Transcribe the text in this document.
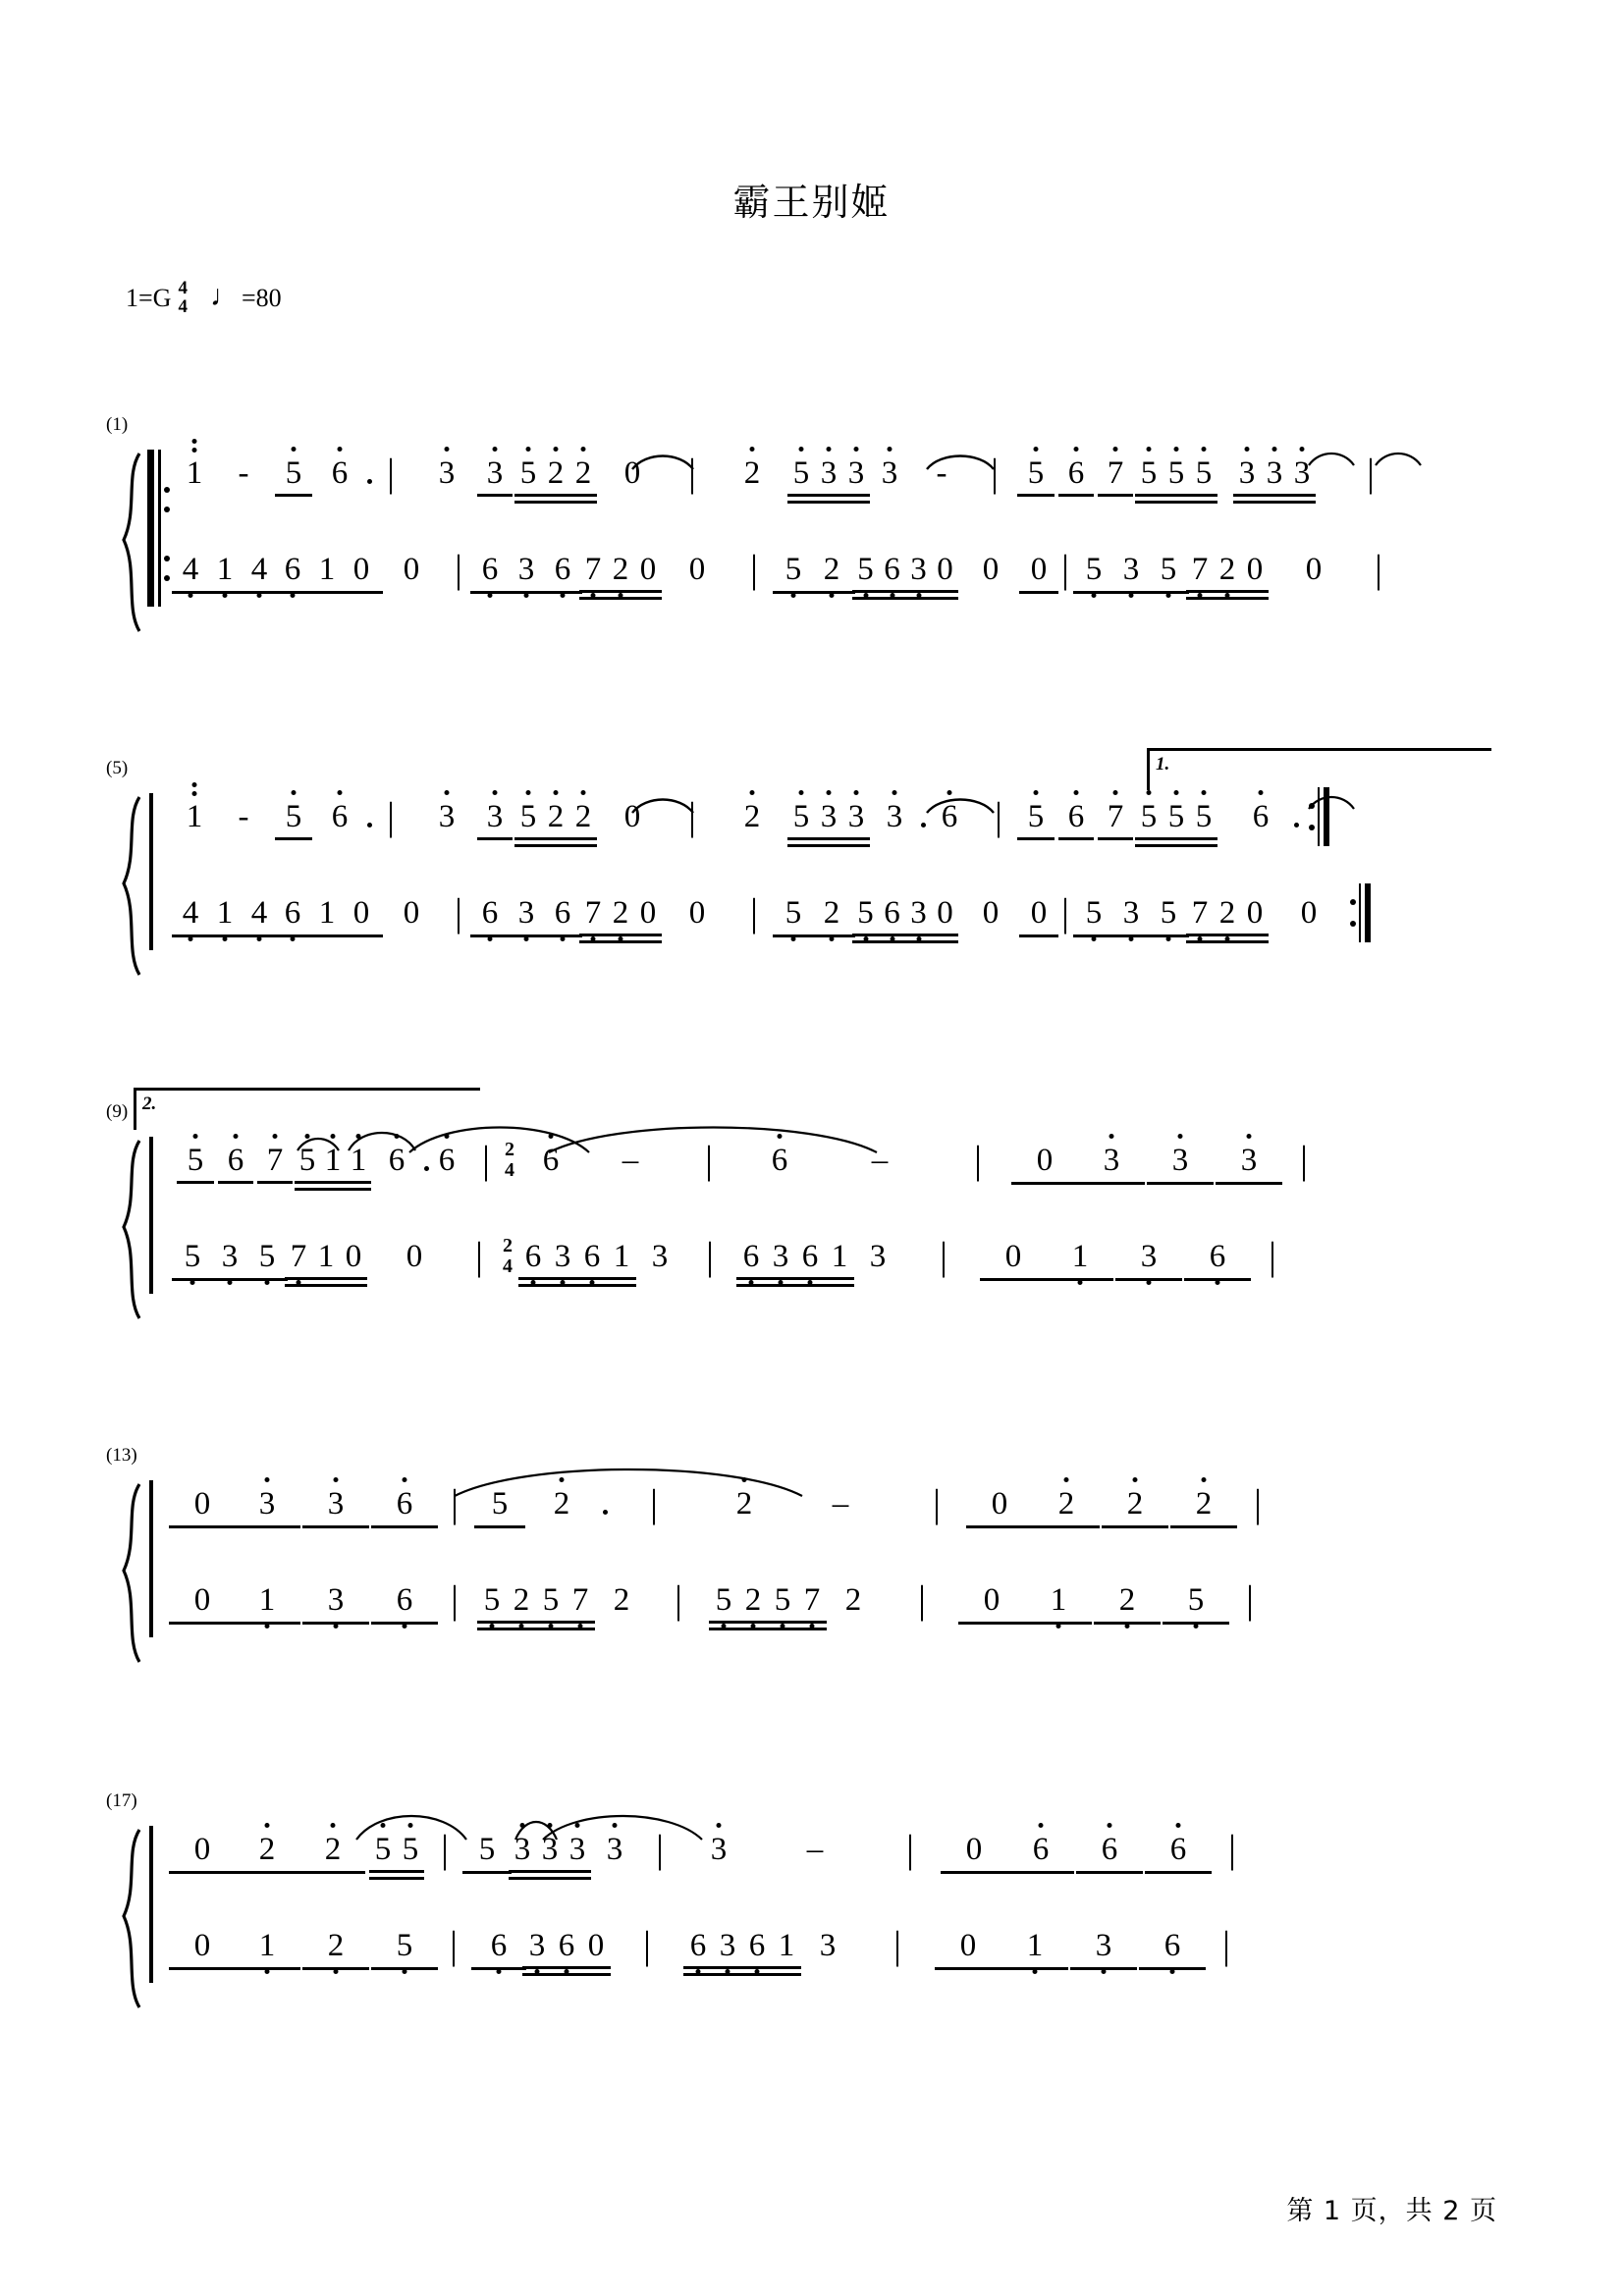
霸王别姬
1=G 4
4 ♩ =80
(1)
1	-	5 6 |	3 3 5 2 2	0	|	2	5 3 3 3	-	| 5 6 7 5 5 5 3 3 3	|
4 1 4 6 1 0	0 | 6 3 6 7 2 0	0	| 5 2 5 6 3 0 0 0 | 5 3 5 7 2 0	0	|
(5)	1.
1	-	5 6 |	3 3 5 2 2	0	|	2	5 3 3 3	6 | 5 6 7 5 5 5	6
4 1 4 6 1 0	0 | 6 3 6 7 2 0	0	| 5 2 5 6 3 0 0 0 | 5 3 5 7 2 0	0
(9) 2.
5 6 7 5 1 1 6	6 | 2
4 6	–	|	6	–	|	0	3	3	3	|
5 3 5 7 1 0	0	|	2
4 6 3 6 1 3 | 6 3 6 1 3	|	0	1	3	6	|
(13)
0	3	3	6 |	5	2	|	2	–	|	0	2	2	2	|
0	1	3	6 | 5 2 5 7 2	|	5 2 5 7 2	|	0	1	2	5	|
(17)
0	2	2	5 5 | 5 3 3 3 3 |	3	–	|	0	6	6	6	|
0	1	2	5 |	6 3 6 0 |	6 3 6 1 3	|	0	1	3	6	|
第 1 页，共 2 页
